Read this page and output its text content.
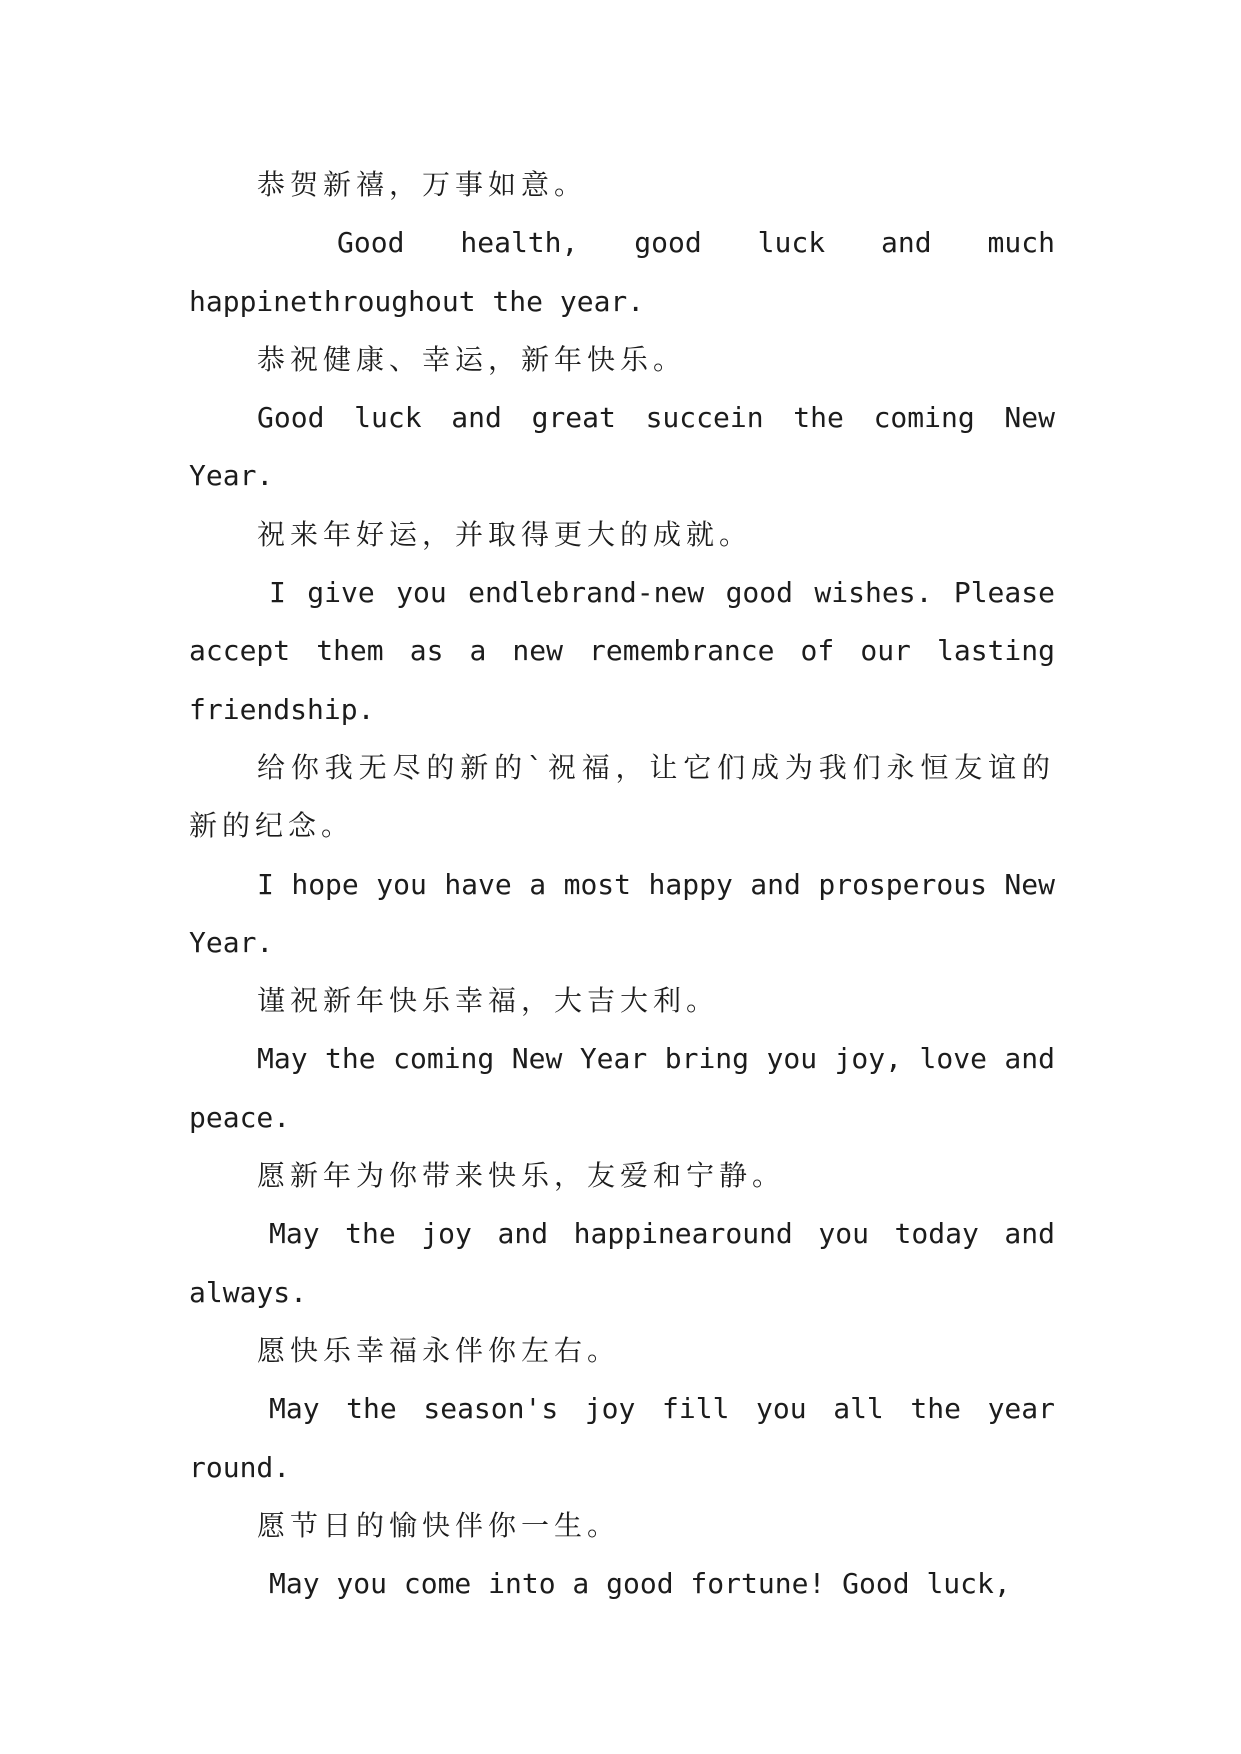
恭贺新禧，万事如意。

Good health, good luck and much happinethroughout the year.

恭祝健康、幸运，新年快乐。

Good luck and great succein the coming New Year.

祝来年好运，并取得更大的成就。

I give you endlebrand-new good wishes. Please accept them as a new remembrance of our lasting friendship.

给你我无尽的新的`祝福，让它们成为我们永恒友谊的新的纪念。

I hope you have a most happy and prosperous New Year.

谨祝新年快乐幸福，大吉大利。

May the coming New Year bring you joy, love and peace.

愿新年为你带来快乐，友爱和宁静。

May the joy and happinearound you today and always.

愿快乐幸福永伴你左右。

May the season's joy fill you all the year round.

愿节日的愉快伴你一生。

May you come into a good fortune! Good luck,
